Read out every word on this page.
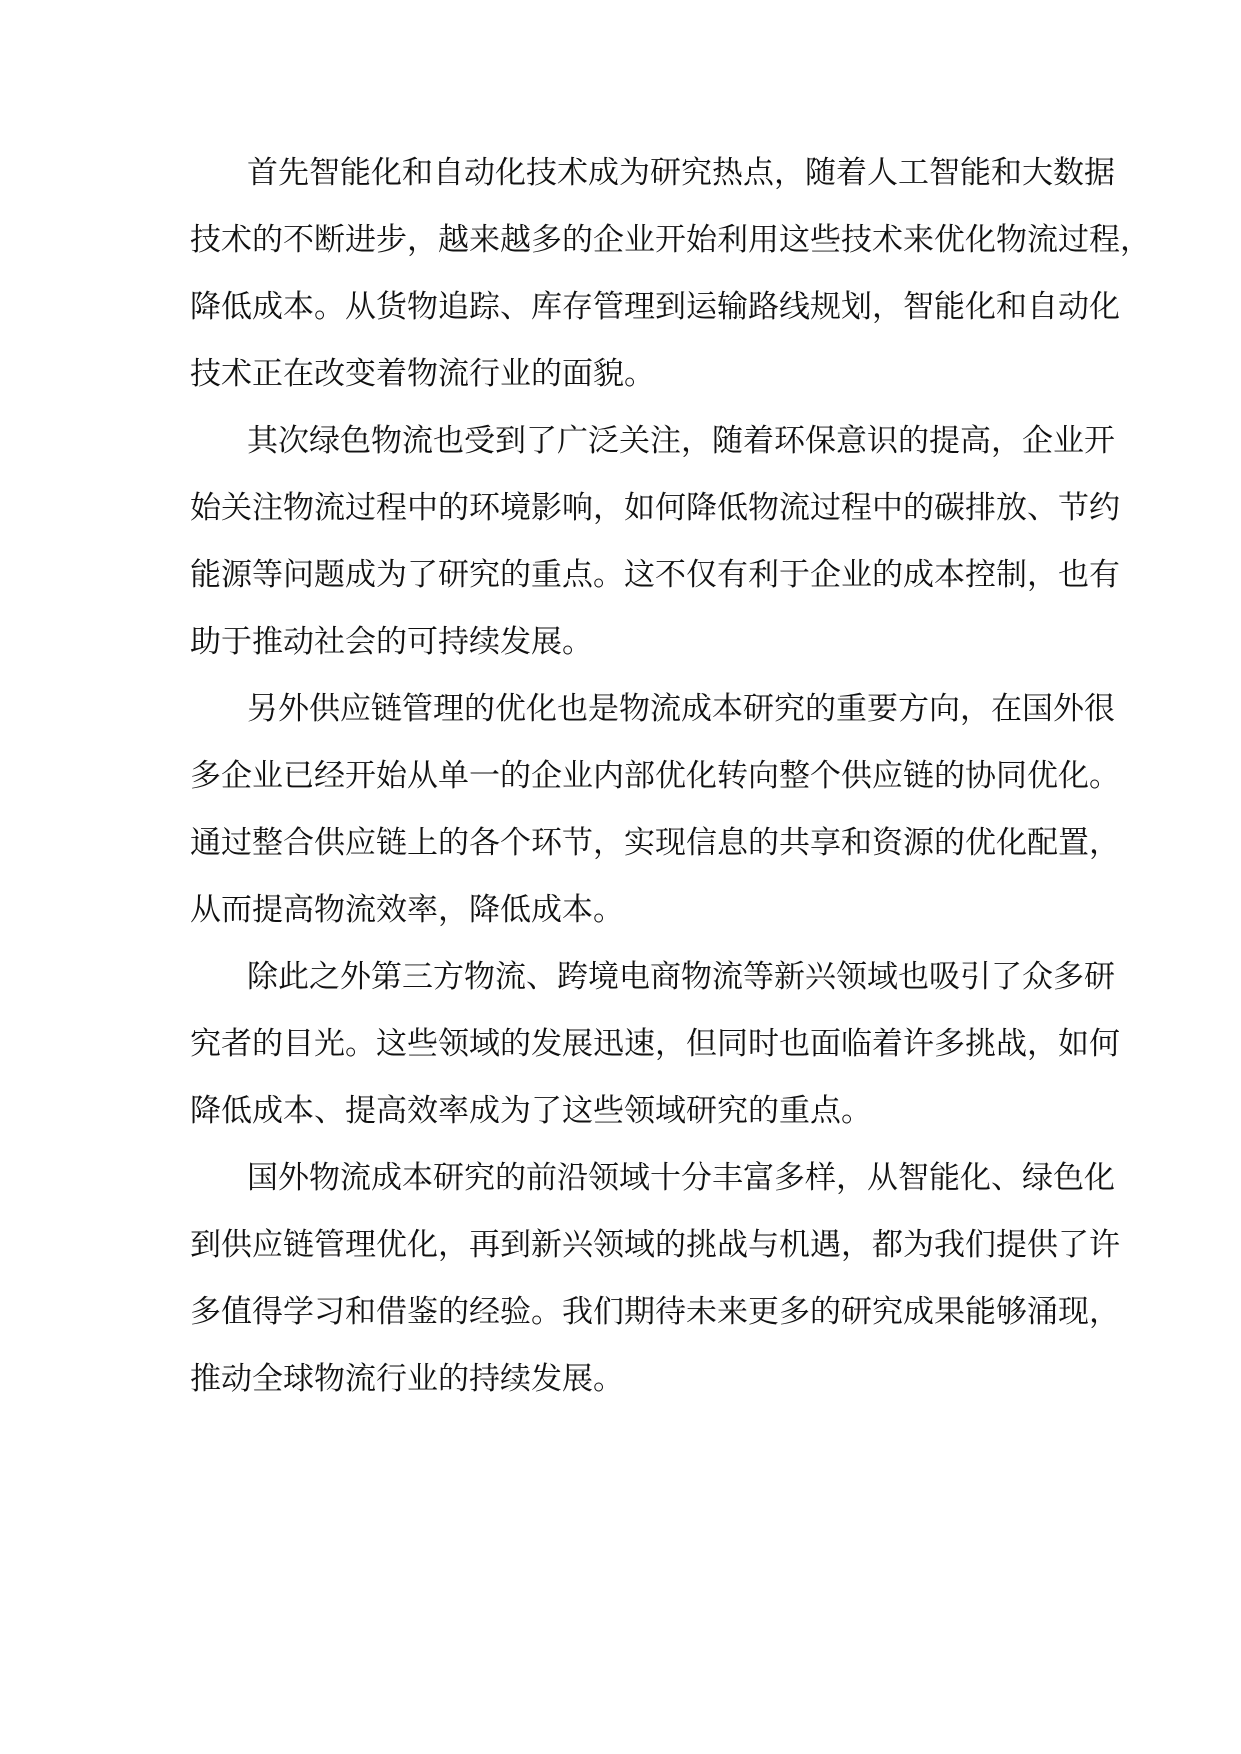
首先智能化和自动化技术成为研究热点，随着人工智能和大数据
技术的不断进步，越来越多的企业开始利用这些技术来优化物流过程，
降低成本。从货物追踪、库存管理到运输路线规划，智能化和自动化
技术正在改变着物流行业的面貌。
其次绿色物流也受到了广泛关注，随着环保意识的提高，企业开
始关注物流过程中的环境影响，如何降低物流过程中的碳排放、节约
能源等问题成为了研究的重点。这不仅有利于企业的成本控制，也有
助于推动社会的可持续发展。
另外供应链管理的优化也是物流成本研究的重要方向，在国外很
多企业已经开始从单一的企业内部优化转向整个供应链的协同优化。
通过整合供应链上的各个环节，实现信息的共享和资源的优化配置，
从而提高物流效率，降低成本。
除此之外第三方物流、跨境电商物流等新兴领域也吸引了众多研
究者的目光。这些领域的发展迅速，但同时也面临着许多挑战，如何
降低成本、提高效率成为了这些领域研究的重点。
国外物流成本研究的前沿领域十分丰富多样，从智能化、绿色化
到供应链管理优化，再到新兴领域的挑战与机遇，都为我们提供了许
多值得学习和借鉴的经验。我们期待未来更多的研究成果能够涌现，
推动全球物流行业的持续发展。
